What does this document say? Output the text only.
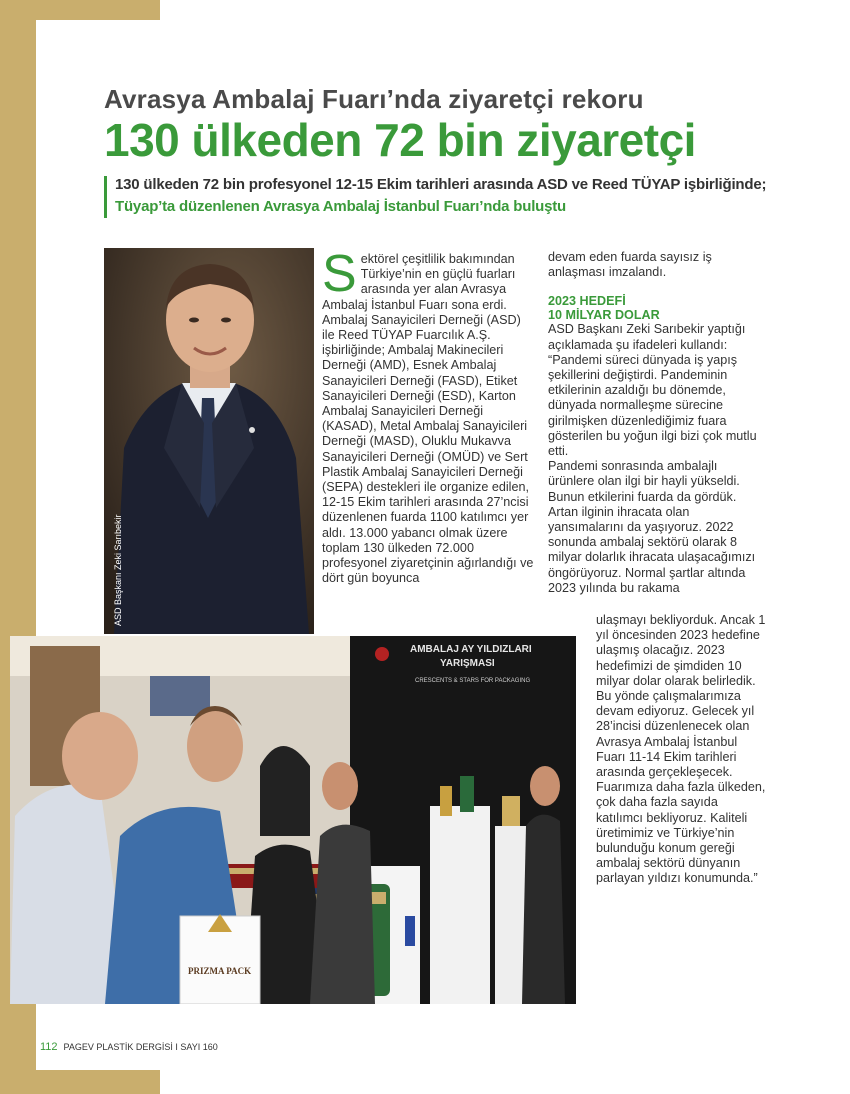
Avrasya Ambalaj Fuarı’nda ziyaretçi rekoru
130 ülkeden 72 bin ziyaretçi
130 ülkeden 72 bin profesyonel 12-15 Ekim tarihleri arasında ASD ve Reed TÜYAP işbirliğinde;
Tüyap’ta düzenlenen Avrasya Ambalaj İstanbul Fuarı’nda buluştu
ASD Başkanı Zeki Sarıbekir

Sektörel çeşitlilik bakımından Türkiye’nin en güçlü fuarları arasında yer alan Avrasya Ambalaj İstanbul Fuarı sona erdi. Ambalaj Sanayicileri Derneği (ASD) ile Reed TÜYAP Fuarcılık A.Ş. işbirliğinde; Ambalaj Makinecileri Derneği (AMD), Esnek Ambalaj Sanayicileri Derneği (FASD), Etiket Sanayicileri Derneği (ESD), Karton Ambalaj Sanayicileri Derneği (KASAD), Metal Ambalaj Sanayicileri Derneği (MASD), Oluklu Mukavva Sanayicileri Derneği (OMÜD) ve Sert Plastik Ambalaj Sanayicileri Derneği (SEPA) destekleri ile organize edilen, 12-15 Ekim tarihleri arasında 27’ncisi düzenlenen fuarda 1100 katılımcı yer aldı. 13.000 yabancı olmak üzere toplam 130 ülkeden 72.000 profesyonel ziyaretçinin ağırlandığı ve dört gün boyunca

devam eden fuarda sayısız iş anlaşması imzalandı.

2023 HEDEFİ
10 MİLYAR DOLAR

ASD Başkanı Zeki Sarıbekir yaptığı açıklamada şu ifadeleri kullandı: “Pandemi süreci dünyada iş yapış şekillerini değiştirdi. Pandeminin etkilerinin azaldığı bu dönemde, dünyada normalleşme sürecine girilmişken düzenlediğimiz fuara gösterilen bu yoğun ilgi bizi çok mutlu etti.

Pandemi sonrasında ambalajlı ürünlere olan ilgi bir hayli yükseldi. Bunun etkilerini fuarda da gördük. Artan ilginin ihracata olan yansımalarını da yaşıyoruz. 2022 sonunda ambalaj sektörü olarak 8 milyar dolarlık ihracata ulaşacağımızı öngörüyoruz. Normal şartlar altında 2023 yılında bu rakama

ulaşmayı bekliyorduk. Ancak 1 yıl öncesinden 2023 hedefine ulaşmış olacağız. 2023 hedefimizi de şimdiden 10 milyar dolar olarak belirledik. Bu yönde çalışmalarımıza devam ediyoruz. Gelecek yıl 28’incisi düzenlenecek olan Avrasya Ambalaj İstanbul Fuarı 11-14 Ekim tarihleri arasında gerçekleşecek. Fuarımıza daha fazla ülkeden, çok daha fazla sayıda katılımcı bekliyoruz. Kaliteli üretimimiz ve Türkiye’nin bulunduğu konum gereği ambalaj sektörü dünyanın parlayan yıldızı konumunda.”

AMBALAJ AY YILDIZLARI
YARIŞMASI
CRESCENTS & STARS FOR PACKAGING
PRIZMA PACK
112 PAGEV PLASTİK DERGİSİ I SAYI 160
